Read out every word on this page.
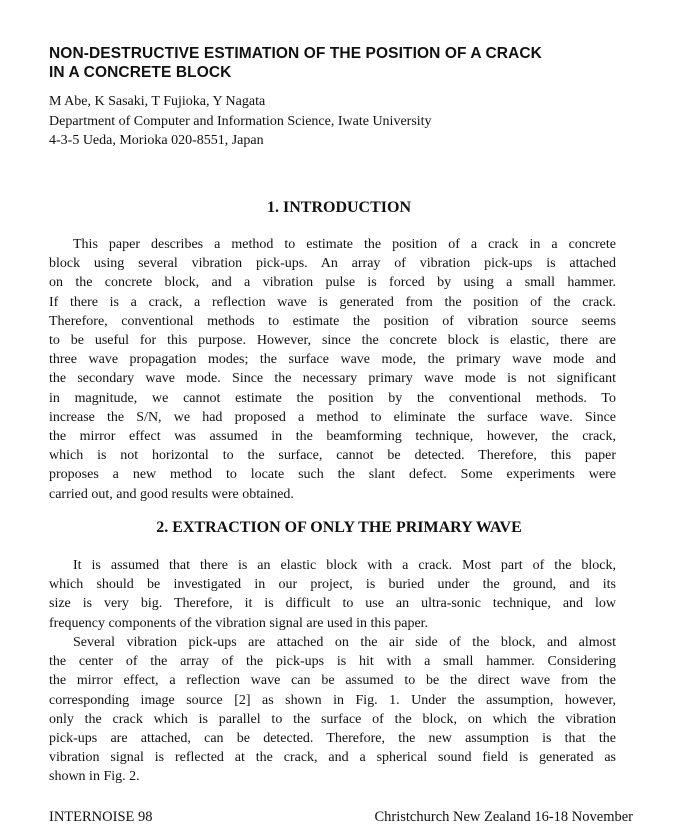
NON-DESTRUCTIVE ESTIMATION OF THE POSITION OF A CRACK
IN A CONCRETE BLOCK
M Abe, K Sasaki, T Fujioka, Y Nagata
Department of Computer and Information Science, Iwate University
4-3-5 Ueda, Morioka 020-8551, Japan
1. INTRODUCTION
This paper describes a method to estimate the position of a crack in a concrete
block using several vibration pick-ups. An array of vibration pick-ups is attached
on the concrete block, and a vibration pulse is forced by using a small hammer.
If there is a crack, a reflection wave is generated from the position of the crack.
Therefore, conventional methods to estimate the position of vibration source seems
to be useful for this purpose. However, since the concrete block is elastic, there are
three wave propagation modes; the surface wave mode, the primary wave mode and
the secondary wave mode. Since the necessary primary wave mode is not significant
in magnitude, we cannot estimate the position by the conventional methods. To
increase the S/N, we had proposed a method to eliminate the surface wave. Since
the mirror effect was assumed in the beamforming technique, however, the crack,
which is not horizontal to the surface, cannot be detected. Therefore, this paper
proposes a new method to locate such the slant defect. Some experiments were
carried out, and good results were obtained.
2. EXTRACTION OF ONLY THE PRIMARY WAVE
It is assumed that there is an elastic block with a crack. Most part of the block,
which should be investigated in our project, is buried under the ground, and its
size is very big. Therefore, it is difficult to use an ultra-sonic technique, and low
frequency components of the vibration signal are used in this paper.
Several vibration pick-ups are attached on the air side of the block, and almost
the center of the array of the pick-ups is hit with a small hammer. Considering
the mirror effect, a reflection wave can be assumed to be the direct wave from the
corresponding image source [2] as shown in Fig. 1. Under the assumption, however,
only the crack which is parallel to the surface of the block, on which the vibration
pick-ups are attached, can be detected. Therefore, the new assumption is that the
vibration signal is reflected at the crack, and a spherical sound field is generated as
shown in Fig. 2.
INTERNOISE 98	Christchurch New Zealand 16-18 November
